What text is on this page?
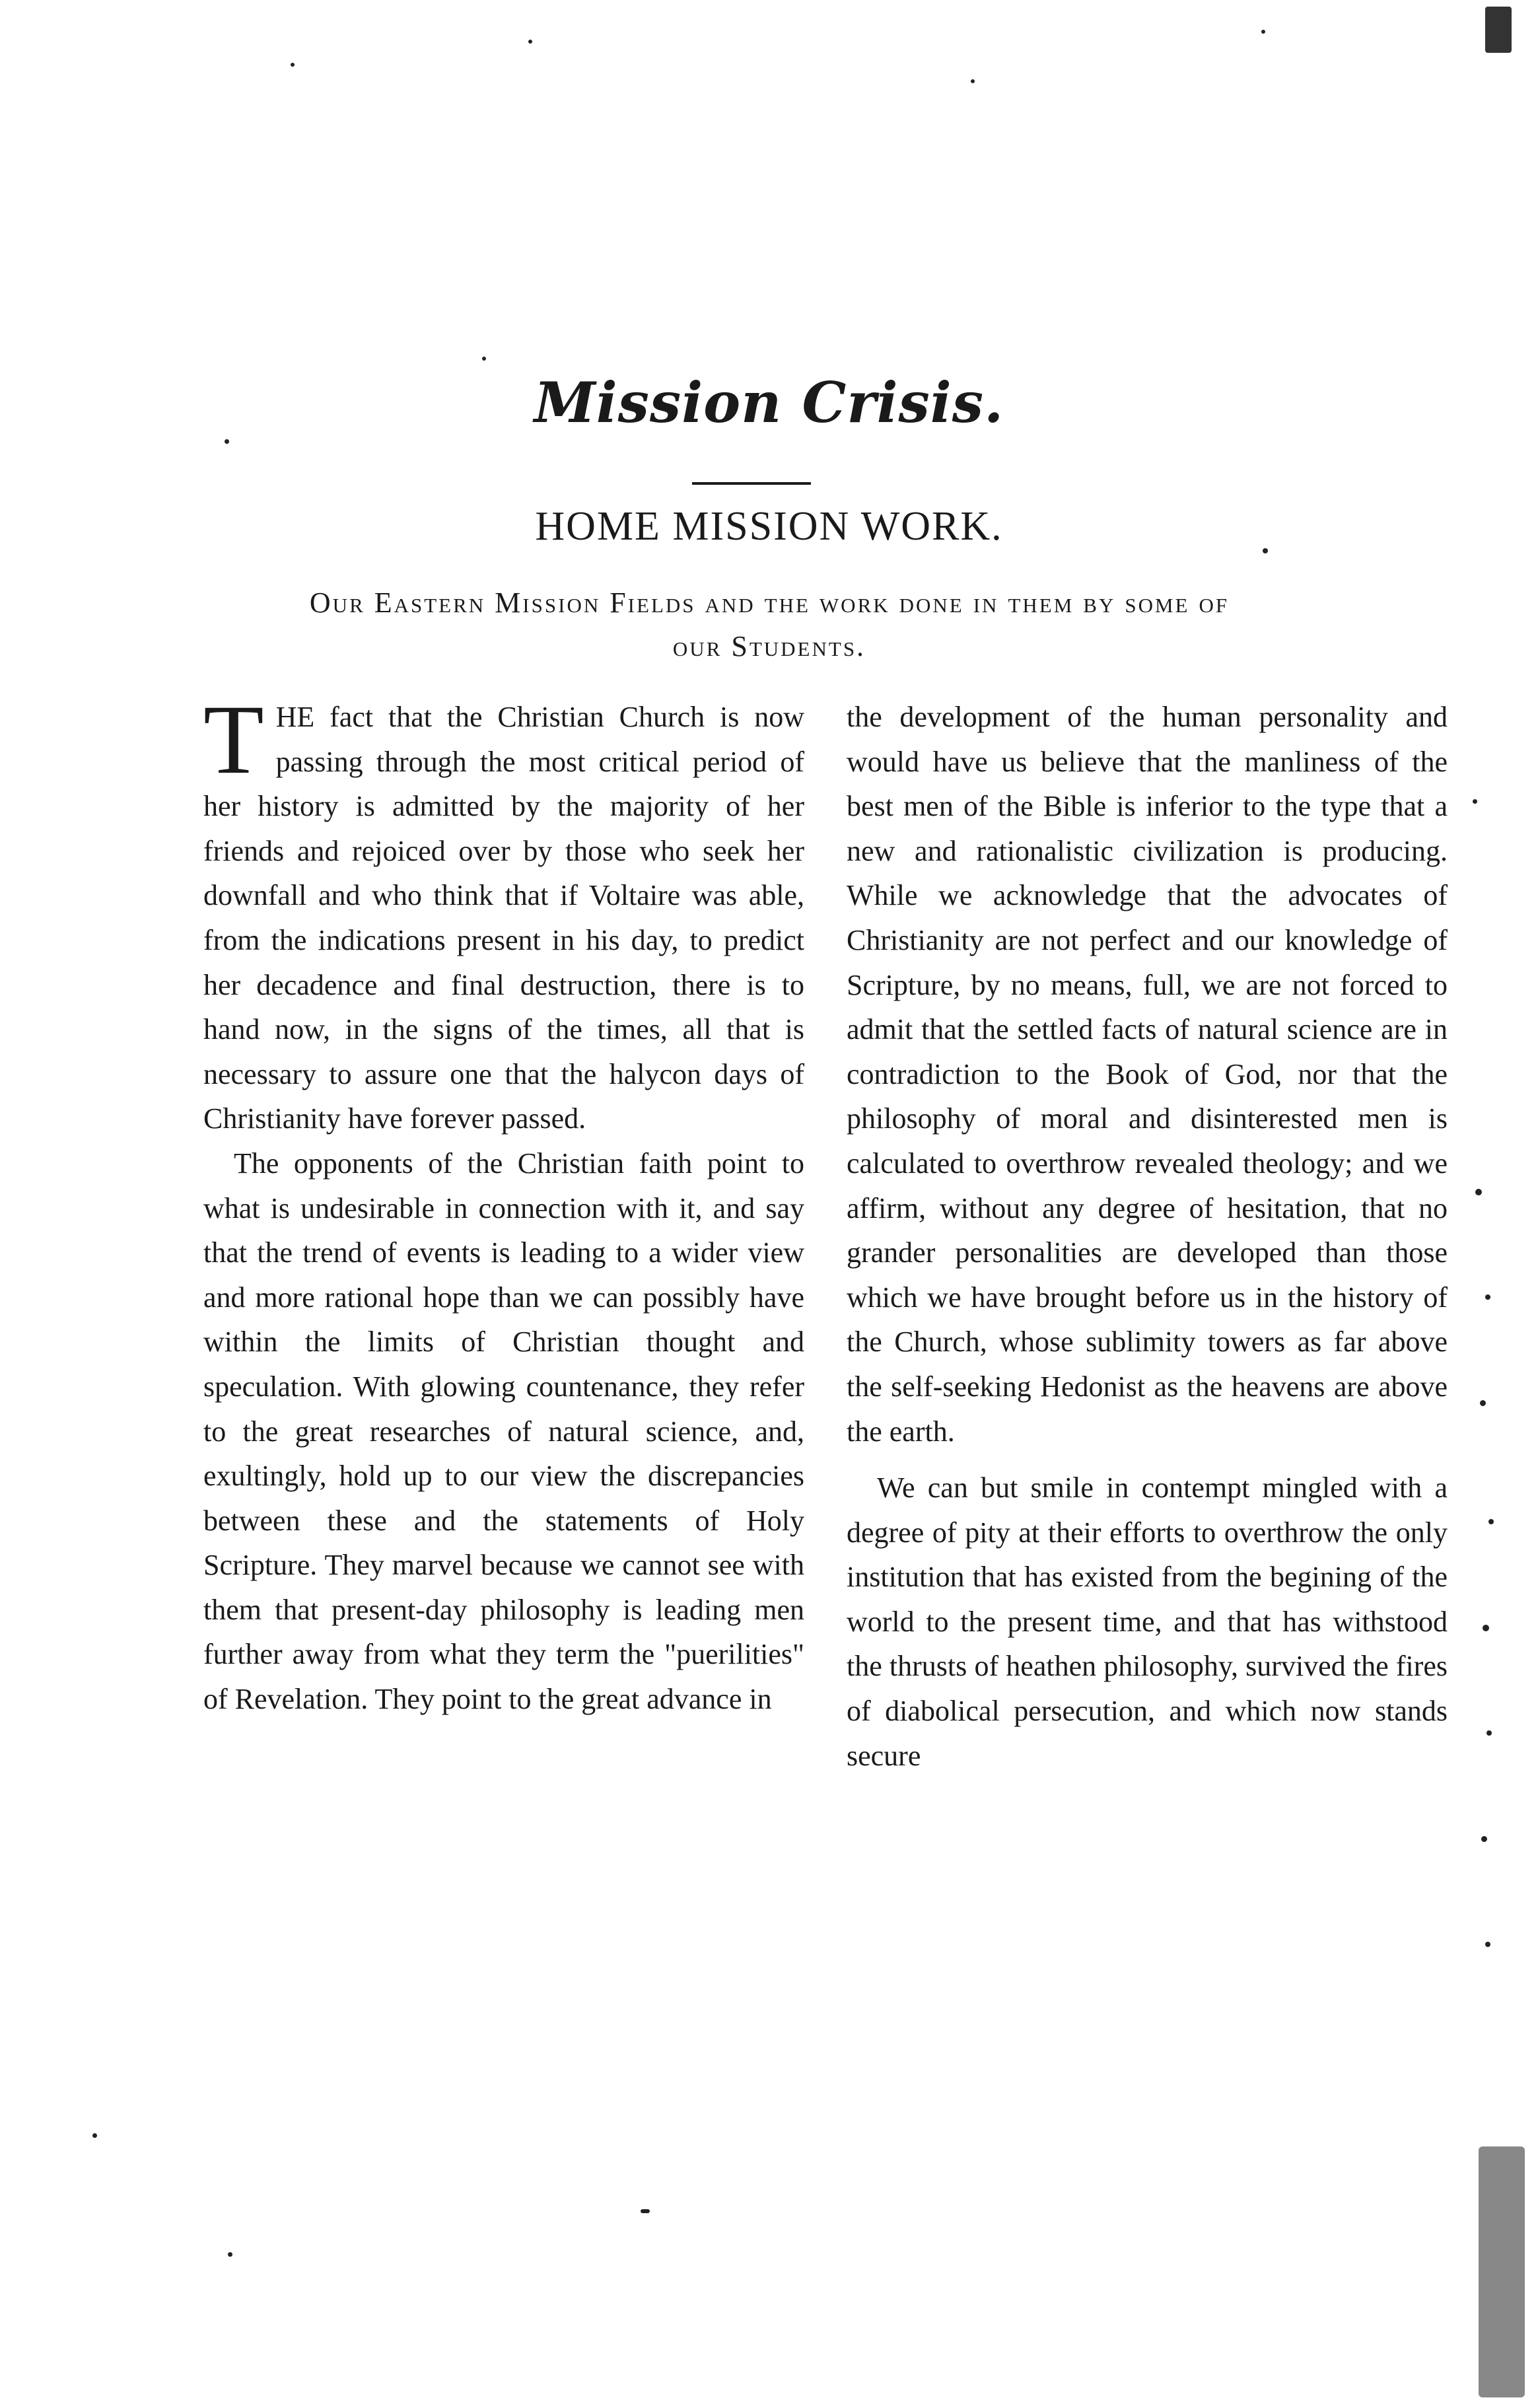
Mission Crisis.
HOME MISSION WORK.
Our Eastern Mission Fields and the work done in them by some of
our Students.

THE fact that the Christian Church is now passing through the most critical period of her history is admitted by the majority of her friends and rejoiced over by those who seek her downfall and who think that if Voltaire was able, from the indications present in his day, to predict her decadence and final destruction, there is to hand now, in the signs of the times, all that is necessary to assure one that the halycon days of Christianity have forever passed.

The opponents of the Christian faith point to what is undesirable in connection with it, and say that the trend of events is leading to a wider view and more rational hope than we can possibly have within the limits of Christian thought and speculation. With glowing countenance, they refer to the great researches of natural science, and, exultingly, hold up to our view the discrepancies between these and the statements of Holy Scripture. They marvel because we cannot see with them that present-day philosophy is leading men further away from what they term the "puerilities" of Revelation. They point to the great advance in

the development of the human personality and would have us believe that the manliness of the best men of the Bible is inferior to the type that a new and rationalistic civilization is producing. While we acknowledge that the advocates of Christianity are not perfect and our knowledge of Scripture, by no means, full, we are not forced to admit that the settled facts of natural science are in contradiction to the Book of God, nor that the philosophy of moral and disinterested men is calculated to overthrow revealed theology; and we affirm, without any degree of hesitation, that no grander personalities are developed than those which we have brought before us in the history of the Church, whose sublimity towers as far above the self-seeking Hedonist as the heavens are above the earth.

We can but smile in contempt mingled with a degree of pity at their efforts to overthrow the only institution that has existed from the begining of the world to the present time, and that has withstood the thrusts of heathen philosophy, survived the fires of diabolical persecution, and which now stands secure
